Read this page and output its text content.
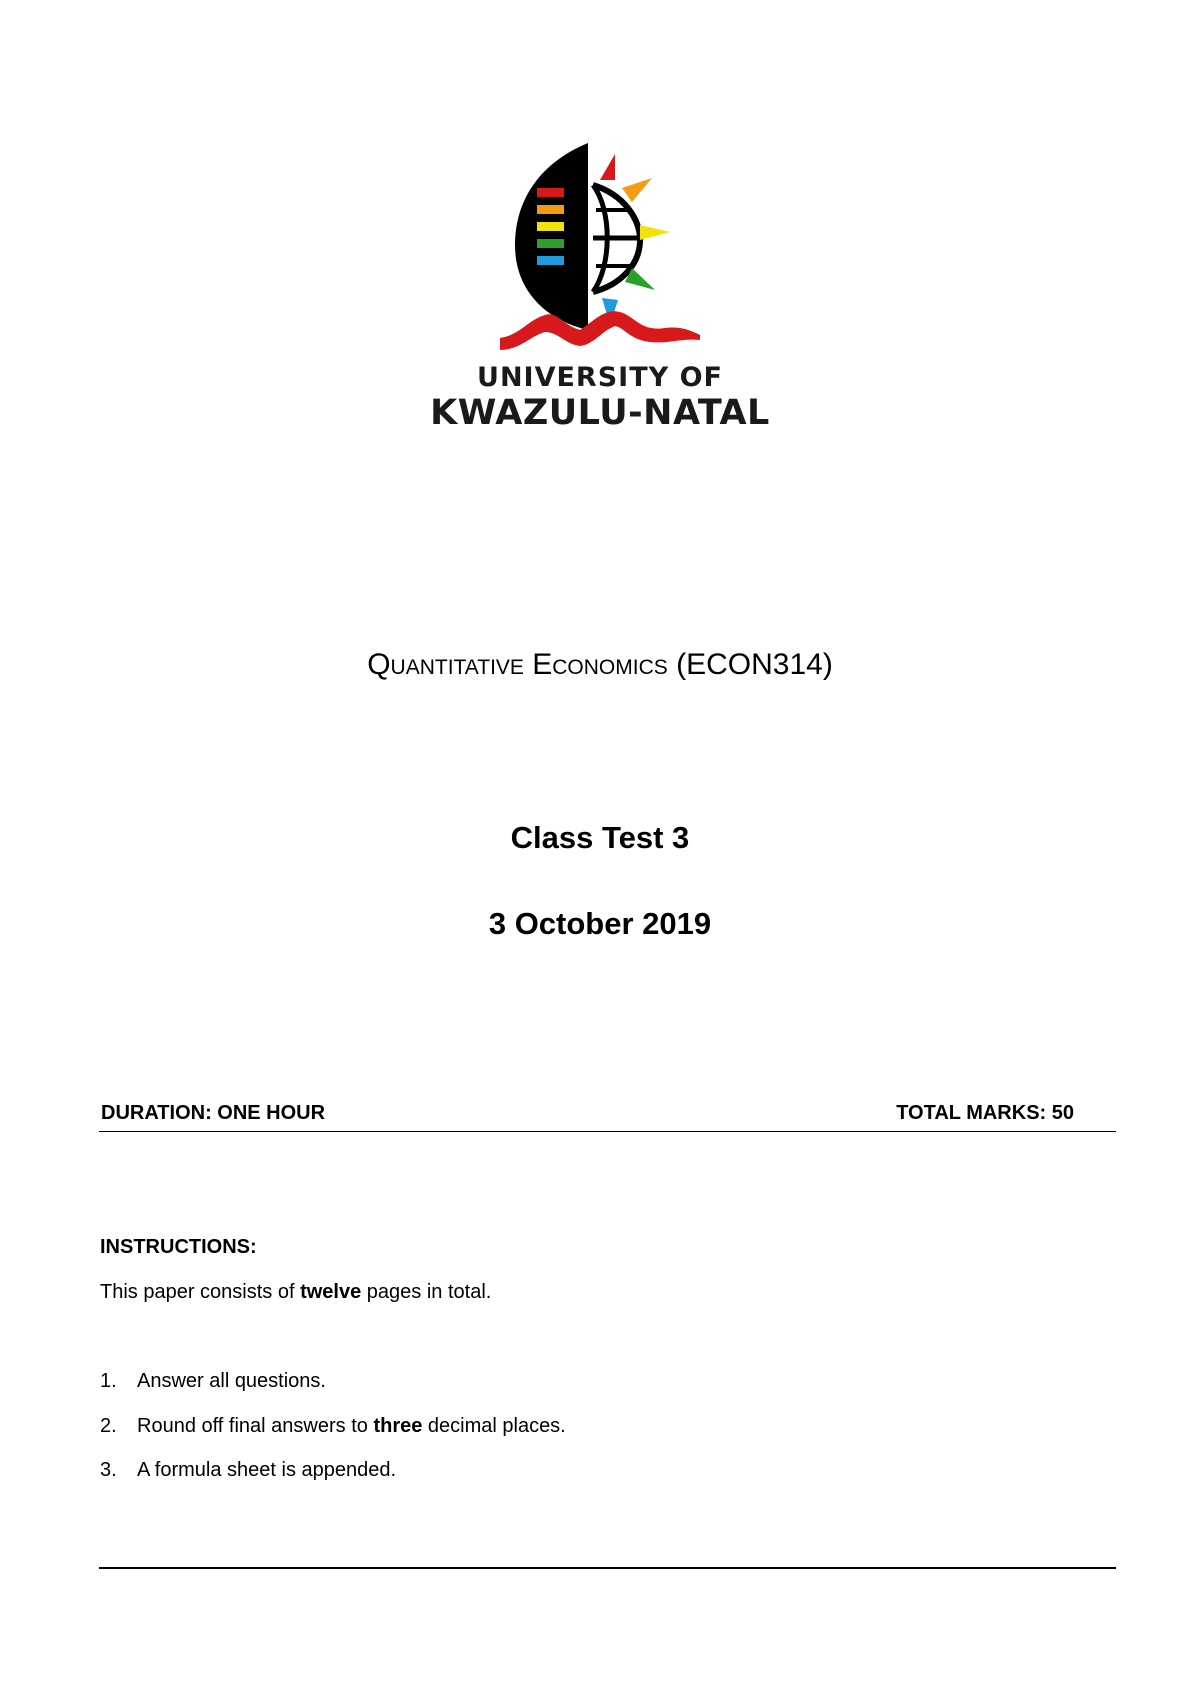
UNIVERSITY OF
KWAZULU-NATAL
Quantitative Economics (ECON314)
Class Test 3
3 October 2019
DURATION: ONE HOUR	TOTAL MARKS: 50
INSTRUCTIONS:
This paper consists of twelve pages in total.
1. Answer all questions.
2. Round off final answers to three decimal places.
3. A formula sheet is appended.
